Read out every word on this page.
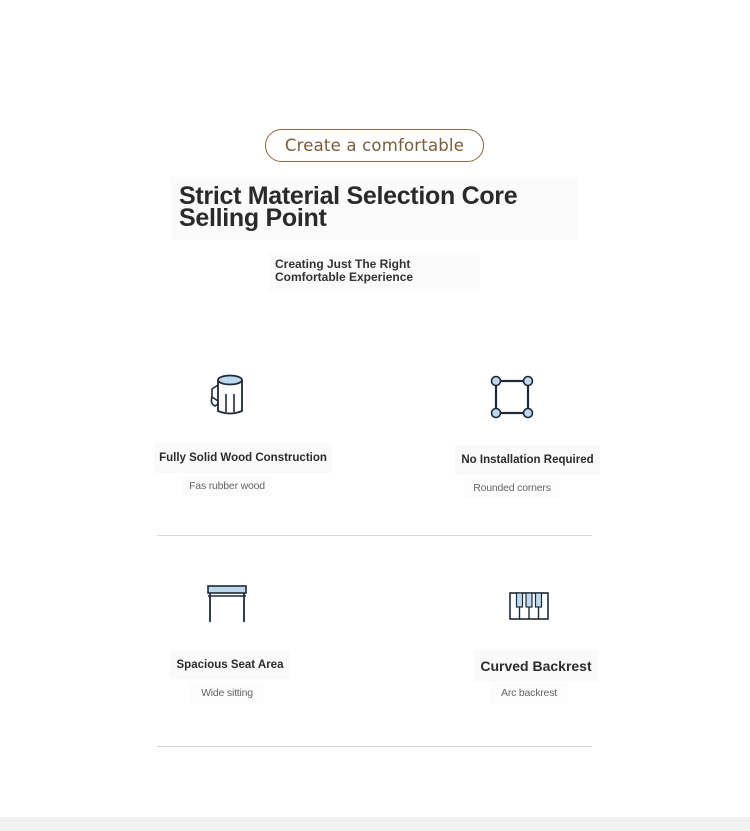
Create a comfortable
Strict Material Selection Core Selling Point
Creating Just The Right Comfortable Experience
Fully Solid Wood Construction
Fas rubber wood
No Installation Required
Rounded corners
Spacious Seat Area
Wide sitting
Curved Backrest
Arc backrest
